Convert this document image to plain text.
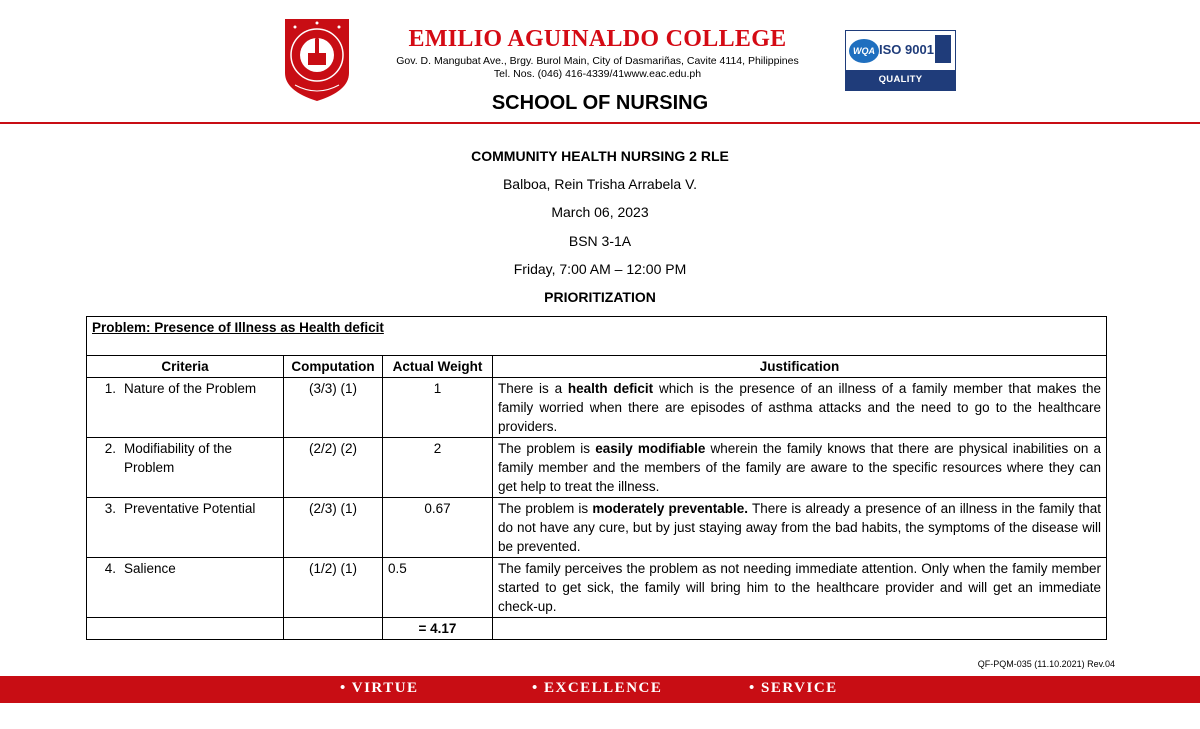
EMILIO AGUINALDO COLLEGE
Gov. D. Mangubat Ave., Brgy. Burol Main, City of Dasmariñas, Cavite 4114, Philippines
Tel. Nos. (046) 416-4339/41www.eac.edu.ph
WQA ISO 9001
QUALITY MANAGEMENT
SCHOOL OF NURSING
COMMUNITY HEALTH NURSING 2 RLE
Balboa, Rein Trisha Arrabela V.
March 06, 2023
BSN 3-1A
Friday, 7:00 AM – 12:00 PM
PRIORITIZATION
Problem: Presence of Illness as Health deficit			
Criteria	Computation	Actual Weight	Justification

1. Nature of the Problem	(3/3) (1)	1	There is a health deficit which is the presence of an illness of a family member that makes the family worried when there are episodes of asthma attacks and the need to go to the healthcare providers.

2. Modifiability of the Problem	(2/2) (2)	2	The problem is easily modifiable wherein the family knows that there are physical inabilities on a family member and the members of the family are aware to the specific resources where they can get help to treat the illness.

3. Preventative Potential	(2/3) (1)	0.67	The problem is moderately preventable. There is already a presence of an illness in the family that do not have any cure, but by just staying away from the bad habits, the symptoms of the disease will be prevented.

4. Salience	(1/2) (1)	0.5	The family perceives the problem as not needing immediate attention. Only when the family member started to get sick, the family will bring him to the healthcare provider and will get an immediate check-up.
		= 4.17	
QF-PQM-035 (11.10.2021) Rev.04
• VIRTUE	• EXCELLENCE	• SERVICE
